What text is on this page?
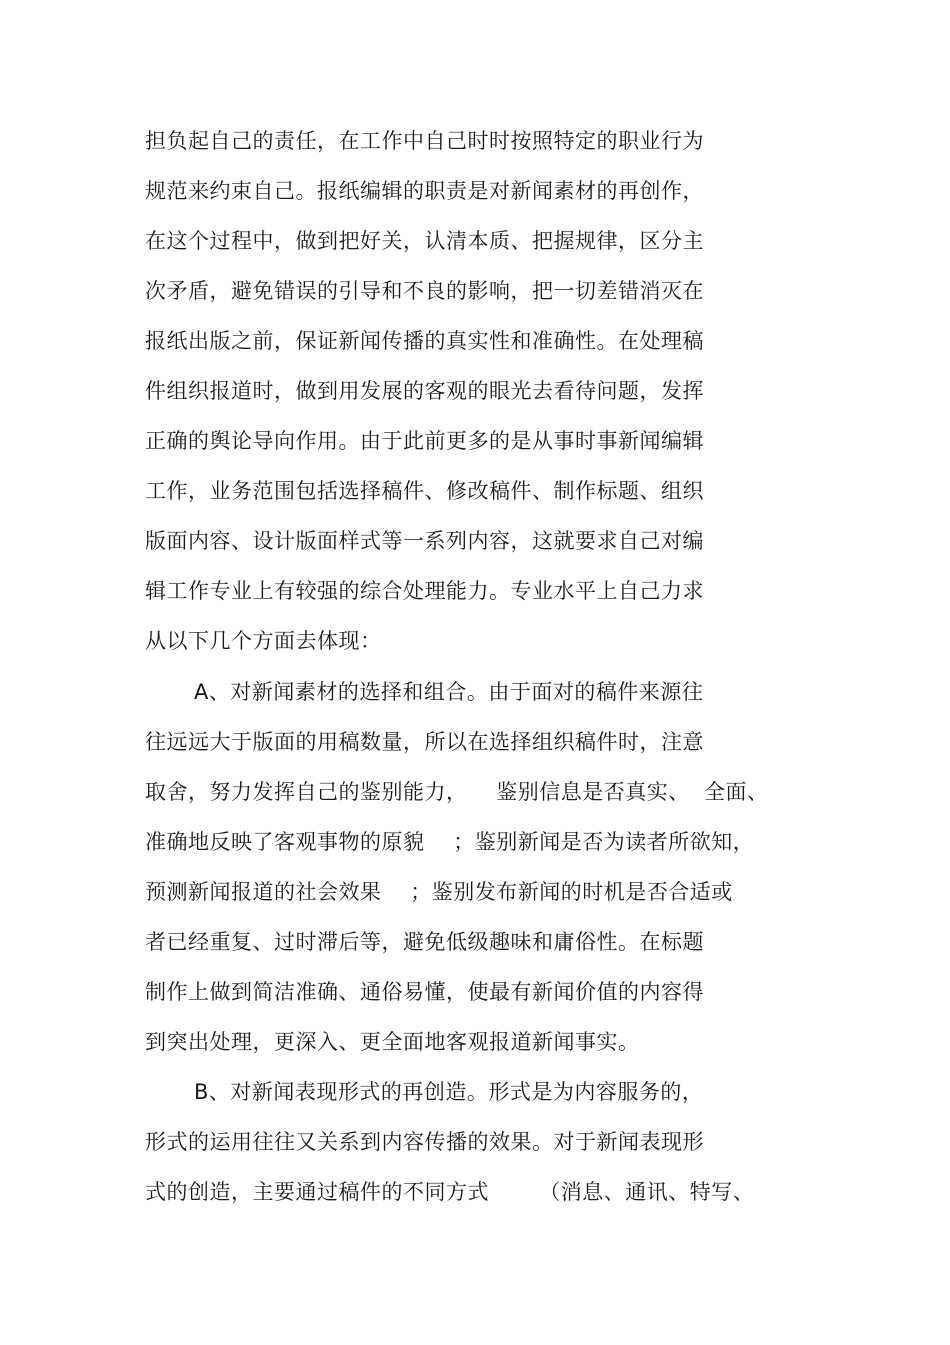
担负起自己的责任，在工作中自己时时按照特定的职业行为
规范来约束自己。报纸编辑的职责是对新闻素材的再创作，
在这个过程中，做到把好关，认清本质、把握规律，区分主
次矛盾，避免错误的引导和不良的影响，把一切差错消灭在
报纸出版之前，保证新闻传播的真实性和准确性。在处理稿
件组织报道时，做到用发展的客观的眼光去看待问题，发挥
正确的舆论导向作用。由于此前更多的是从事时事新闻编辑
工作，业务范围包括选择稿件、修改稿件、制作标题、组织
版面内容、设计版面样式等一系列内容，这就要求自己对编
辑工作专业上有较强的综合处理能力。专业水平上自己力求
从以下几个方面去体现：
A、对新闻素材的选择和组合。由于面对的稿件来源往
往远远大于版面的用稿数量，所以在选择组织稿件时，注意
取舍，努力发挥自己的鉴别能力，    鉴别信息是否真实、  全面、
准确地反映了客观事物的原貌    ；鉴别新闻是否为读者所欲知，
预测新闻报道的社会效果    ；鉴别发布新闻的时机是否合适或
者已经重复、过时滞后等，避免低级趣味和庸俗性。在标题
制作上做到简洁准确、通俗易懂，使最有新闻价值的内容得
到突出处理，更深入、更全面地客观报道新闻事实。
B、对新闻表现形式的再创造。形式是为内容服务的，
形式的运用往往又关系到内容传播的效果。对于新闻表现形
式的创造，主要通过稿件的不同方式       （消息、通讯、特写、
